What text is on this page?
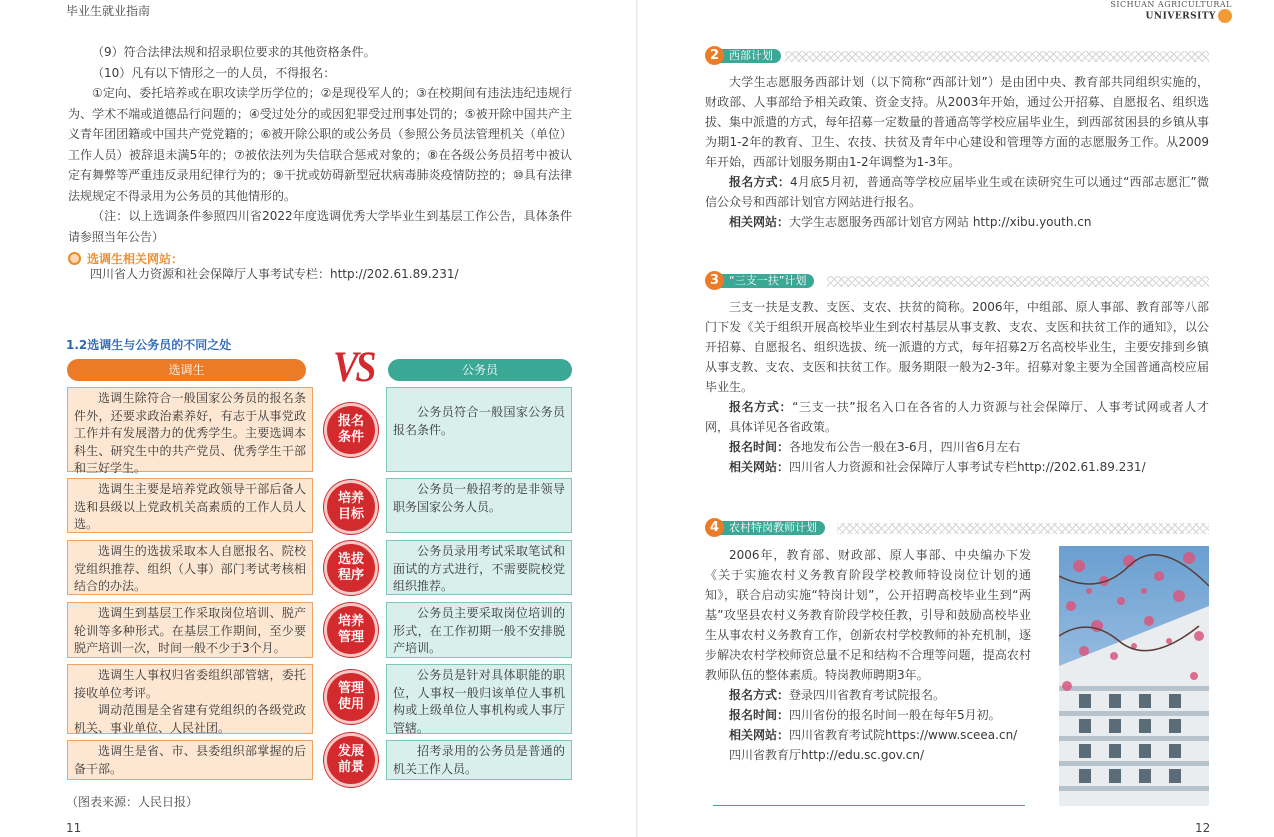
毕业生就业指南
（9）符合法律法规和招录职位要求的其他资格条件。
（10）凡有以下情形之一的人员，不得报名：
①定向、委托培养或在职攻读学历学位的；②是现役军人的；③在校期间有违法违纪违规行为、学术不端或道德品行问题的；④受过处分的或因犯罪受过刑事处罚的；⑤被开除中国共产主义青年团团籍或中国共产党党籍的；⑥被开除公职的或公务员（参照公务员法管理机关（单位）工作人员）被辞退未满5年的；⑦被依法列为失信联合惩戒对象的；⑧在各级公务员招考中被认定有舞弊等严重违反录用纪律行为的；⑨干扰或妨碍新型冠状病毒肺炎疫情防控的；⑩具有法律法规规定不得录用为公务员的其他情形的。
（注：以上选调条件参照四川省2022年度选调优秀大学毕业生到基层工作公告，具体条件请参照当年公告）
选调生相关网站：
四川省人力资源和社会保障厅人事考试专栏：http://202.61.89.231/
1.2选调生与公务员的不同之处	VS
选调生	公务员
选调生除符合一般国家公务员的报名条件外，还要求政治素养好，有志于从事党政工作并有发展潜力的优秀学生。主要选调本科生、研究生中的共产党员、优秀学生干部和三好学生。
报名条件
公务员符合一般国家公务员报名条件。
选调生主要是培养党政领导干部后备人选和县级以上党政机关高素质的工作人员人选。
培养目标
公务员一般招考的是非领导职务国家公务人员。
选调生的选拔采取本人自愿报名、院校党组织推荐、组织（人事）部门考试考核相结合的办法。
选拔程序
公务员录用考试采取笔试和面试的方式进行，不需要院校党组织推荐。
选调生到基层工作采取岗位培训、脱产轮训等多种形式。在基层工作期间，至少要脱产培训一次，时间一般不少于3个月。
培养管理
公务员主要采取岗位培训的形式，在工作初期一般不安排脱产培训。
选调生人事权归省委组织部管辖，委托接收单位考评。
调动范围是全省建有党组织的各级党政机关、事业单位、人民社团。
管理使用
公务员是针对具体职能的职位，人事权一般归该单位人事机构或上级单位人事机构或人事厅管辖。
选调生是省、市、县委组织部掌握的后备干部。
发展前景
招考录用的公务员是普通的机关工作人员。
（图表来源：人民日报）
11
SICHUAN AGRICULTURAL
UNIVERSITY
2 西部计划
大学生志愿服务西部计划（以下简称“西部计划”）是由团中央、教育部共同组织实施的，财政部、人事部给予相关政策、资金支持。从2003年开始，通过公开招募、自愿报名、组织选拔、集中派遣的方式，每年招募一定数量的普通高等学校应届毕业生，到西部贫困县的乡镇从事为期1-2年的教育、卫生、农技、扶贫及青年中心建设和管理等方面的志愿服务工作。从2009年开始，西部计划服务期由1-2年调整为1-3年。
报名方式：4月底5月初，普通高等学校应届毕业生或在读研究生可以通过“西部志愿汇”微信公众号和西部计划官方网站进行报名。
相关网站：大学生志愿服务西部计划官方网站 http://xibu.youth.cn
3 “三支一扶”计划
三支一扶是支教、支医、支农、扶贫的简称。2006年，中组部、原人事部、教育部等八部门下发《关于组织开展高校毕业生到农村基层从事支教、支农、支医和扶贫工作的通知》，以公开招募、自愿报名、组织选拔、统一派遣的方式，每年招募2万名高校毕业生，主要安排到乡镇从事支教、支农、支医和扶贫工作。服务期限一般为2-3年。招募对象主要为全国普通高校应届毕业生。
报名方式：“三支一扶”报名入口在各省的人力资源与社会保障厅、人事考试网或者人才网，具体详见各省政策。
报名时间：各地发布公告一般在3-6月，四川省6月左右
相关网站：四川省人力资源和社会保障厅人事考试专栏http://202.61.89.231/
4 农村特岗教师计划
2006年，教育部、财政部、原人事部、中央编办下发《关于实施农村义务教育阶段学校教师特设岗位计划的通知》，联合启动实施“特岗计划”，公开招聘高校毕业生到“两基”攻坚县农村义务教育阶段学校任教，引导和鼓励高校毕业生从事农村义务教育工作，创新农村学校教师的补充机制，逐步解决农村学校师资总量不足和结构不合理等问题，提高农村教师队伍的整体素质。特岗教师聘期3年。
报名方式：登录四川省教育考试院报名。
报名时间：四川省份的报名时间一般在每年5月初。
相关网站：四川省教育考试院https://www.sceea.cn/
四川省教育厅http://edu.sc.gov.cn/
12
